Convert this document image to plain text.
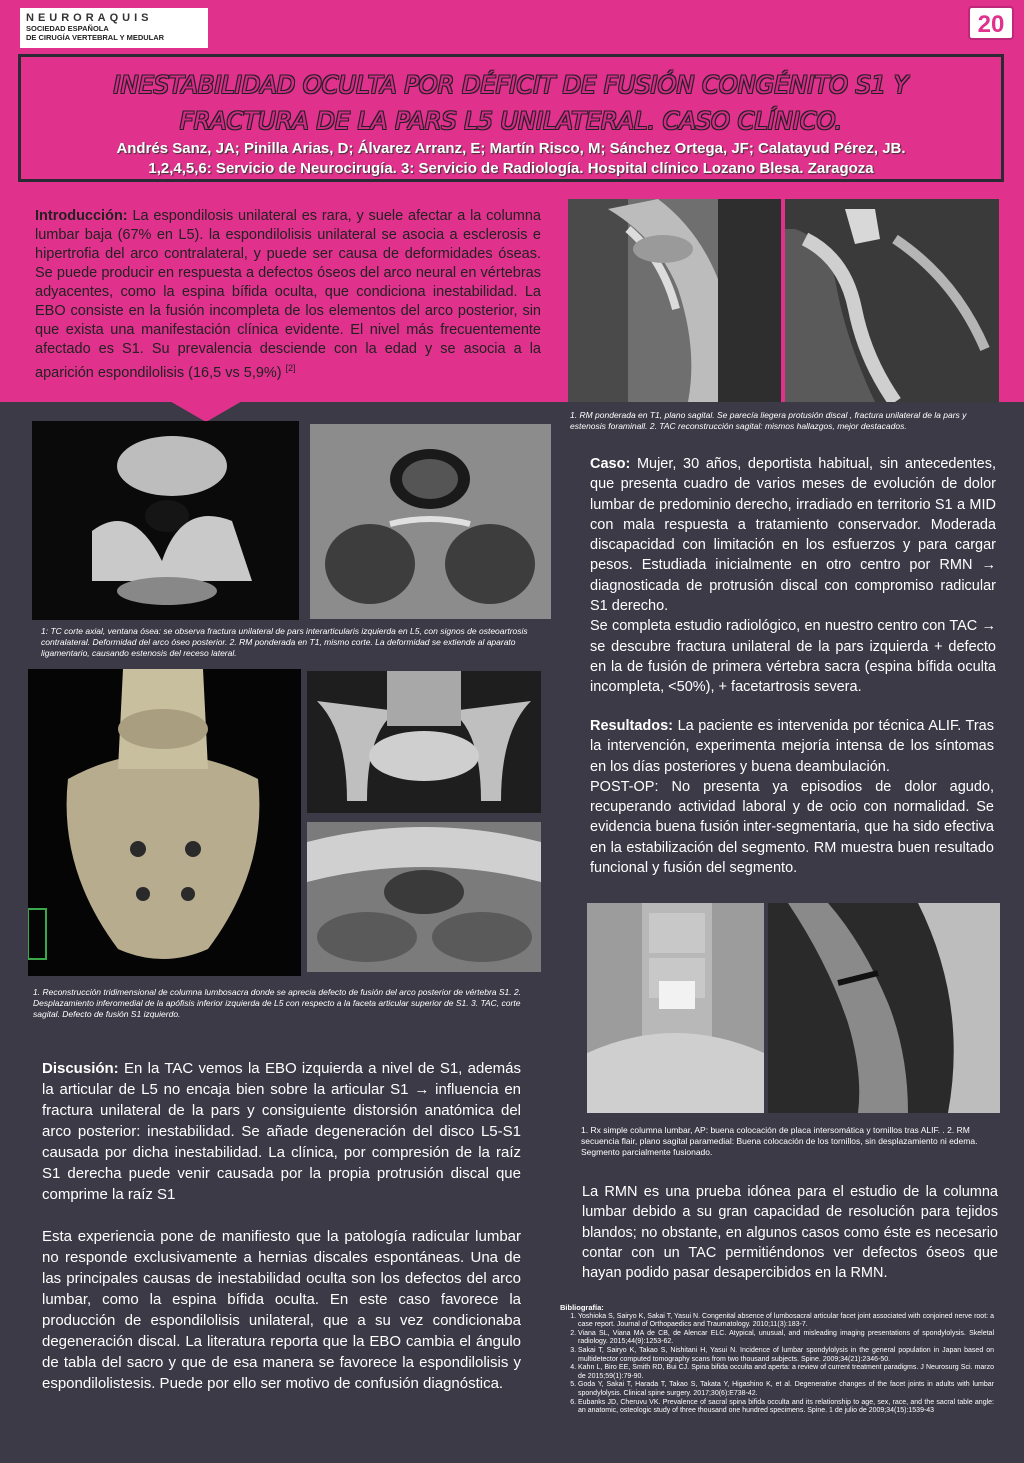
NEURORAQUIS
SOCIEDAD ESPAÑOLA
DE CIRUGÍA VERTEBRAL Y MEDULAR	20
INESTABILIDAD OCULTA POR DÉFICIT DE FUSIÓN CONGÉNITO S1 Y
FRACTURA DE LA PARS L5 UNILATERAL. CASO CLÍNICO.
Andrés Sanz, JA; Pinilla Arias, D; Álvarez Arranz, E; Martín Risco, M; Sánchez Ortega, JF; Calatayud Pérez, JB.
1,2,4,5,6: Servicio de Neurocirugía. 3: Servicio de Radiología. Hospital clínico Lozano Blesa. Zaragoza
Introducción: La espondilosis unilateral es rara, y suele afectar a la columna lumbar baja (67% en L5). la espondilolisis unilateral se asocia a esclerosis e hipertrofia del arco contralateral, y puede ser causa de deformidades óseas. Se puede producir en respuesta a defectos óseos del arco neural en vértebras adyacentes, como la espina bífida oculta, que condiciona inestabilidad. La EBO consiste en la fusión incompleta de los elementos del arco posterior, sin que exista una manifestación clínica evidente. El nivel más frecuentemente afectado es S1. Su prevalencia desciende con la edad y se asocia a la aparición espondilolisis (16,5 vs 5,9%) [2]
1. RM ponderada en T1, plano sagital. Se parecía liegera protusión discal , fractura unilateral de la pars y estenosis foraminall. 2. TAC reconstrucción sagital: mismos hallazgos, mejor destacados.
1: TC corte axial, ventana ósea: se observa fractura unilateral de pars interarticularis izquierda en L5, con signos de osteoartrosis contralateral. Deformidad del arco óseo posterior. 2. RM ponderada en T1, mismo corte. La deformidad se extiende al aparato ligamentario, causando estenosis del receso lateral.
1. Reconstrucción tridimensional de columna lumbosacra donde se aprecia defecto de fusión del arco posterior de vértebra S1. 2. Desplazamiento inferomedial de la apófisis inferior izquierda de L5 con respecto a la faceta articular superior de S1. 3. TAC, corte sagital. Defecto de fusión S1 izquierdo.

Caso: Mujer, 30 años, deportista habitual, sin antecedentes, que presenta cuadro de varios meses de evolución de dolor lumbar de predominio derecho, irradiado en territorio S1 a MID con mala respuesta a tratamiento conservador. Moderada discapacidad con limitación en los esfuerzos y para cargar pesos. Estudiada inicialmente en otro centro por RMN → diagnosticada de protrusión discal con compromiso radicular S1 derecho.

Se completa estudio radiológico, en nuestro centro con TAC → se descubre fractura unilateral de la pars izquierda + defecto en la de fusión de primera vértebra sacra (espina bífida oculta incompleta, <50%), + facetartrosis severa.

Resultados: La paciente es intervenida por técnica ALIF. Tras la intervención, experimenta mejoría intensa de los síntomas en los días posteriores y buena deambulación.

POST-OP: No presenta ya episodios de dolor agudo, recuperando actividad laboral y de ocio con normalidad. Se evidencia buena fusión inter-segmentaria, que ha sido efectiva en la estabilización del segmento. RM muestra buen resultado funcional y fusión del segmento.

1. Rx simple columna lumbar, AP: buena colocación de placa intersomática y tornillos tras ALIF. . 2. RM secuencia flair, plano sagital paramedial: Buena colocación de los tornillos, sin desplazamiento ni edema. Segmento parcialmente fusionado.
La RMN es una prueba idónea para el estudio de la columna lumbar debido a su gran capacidad de resolución para tejidos blandos; no obstante, en algunos casos como éste es necesario contar con un TAC permitiéndonos ver defectos óseos que hayan podido pasar desapercibidos en la RMN.

Discusión: En la TAC vemos la EBO izquierda a nivel de S1, además la articular de L5 no encaja bien sobre la articular S1 → influencia en fractura unilateral de la pars y consiguiente distorsión anatómica del arco posterior: inestabilidad. Se añade degeneración del disco L5-S1 causada por dicha inestabilidad. La clínica, por compresión de la raíz S1 derecha puede venir causada por la propia protrusión discal que comprime la raíz S1

Esta experiencia pone de manifiesto que la patología radicular lumbar no responde exclusivamente a hernias discales espontáneas. Una de las principales causas de inestabilidad oculta son los defectos del arco lumbar, como la espina bífida oculta. En este caso favorece la producción de espondilolisis unilateral, que a su vez condicionaba degeneración discal. La literatura reporta que la EBO cambia el ángulo de tabla del sacro y que de esa manera se favorece la espondilolisis y espondilolistesis. Puede por ello ser motivo de confusión diagnóstica.

Bibliografía:
1. Yoshioka S, Sairyo K, Sakai T, Yasui N. Congenital absence of lumbosacral articular facet joint associated with conjoined nerve root: a case report. Journal of Orthopaedics and Traumatology. 2010;11(3):183-7.
2. Viana SL, Viana MA de CB, de Alencar ELC. Atypical, unusual, and misleading imaging presentations of spondylolysis. Skeletal radiology. 2015;44(9):1253-62.
3. Sakai T, Sairyo K, Takao S, Nishitani H, Yasui N. Incidence of lumbar spondylolysis in the general population in Japan based on multidetector computed tomography scans from two thousand subjects. Spine. 2009;34(21):2346-50.
4. Kahn L, Biro EE, Smith RD, Bui CJ. Spina bifida occulta and aperta: a review of current treatment paradigms. J Neurosurg Sci. marzo de 2015;59(1):79-90.
5. Goda Y, Sakai T, Harada T, Takao S, Takata Y, Higashino K, et al. Degenerative changes of the facet joints in adults with lumbar spondylolysis. Clinical spine surgery. 2017;30(6):E738-42.
6. Eubanks JD, Cheruvu VK. Prevalence of sacral spina bifida occulta and its relationship to age, sex, race, and the sacral table angle: an anatomic, osteologic study of three thousand one hundred specimens. Spine. 1 de julio de 2009;34(15):1539-43
